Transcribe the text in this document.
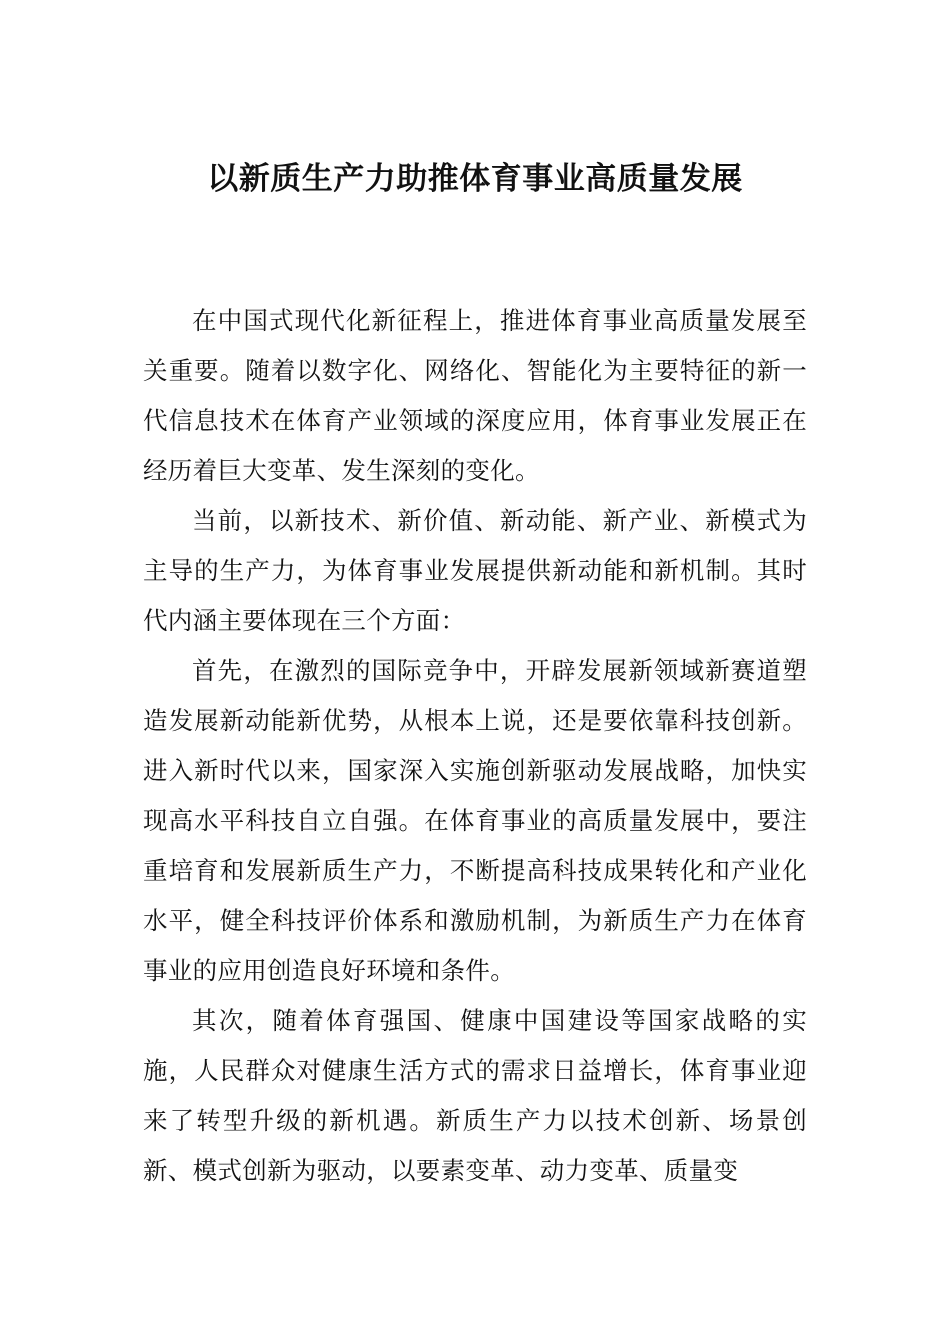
以新质生产力助推体育事业高质量发展

在中国式现代化新征程上，推进体育事业高质量发展至关重要。随着以数字化、网络化、智能化为主要特征的新一代信息技术在体育产业领域的深度应用，体育事业发展正在经历着巨大变革、发生深刻的变化。

当前，以新技术、新价值、新动能、新产业、新模式为主导的生产力，为体育事业发展提供新动能和新机制。其时代内涵主要体现在三个方面：

首先，在激烈的国际竞争中，开辟发展新领域新赛道塑造发展新动能新优势，从根本上说，还是要依靠科技创新。进入新时代以来，国家深入实施创新驱动发展战略，加快实现高水平科技自立自强。在体育事业的高质量发展中，要注重培育和发展新质生产力，不断提高科技成果转化和产业化水平，健全科技评价体系和激励机制，为新质生产力在体育事业的应用创造良好环境和条件。

其次，随着体育强国、健康中国建设等国家战略的实施，人民群众对健康生活方式的需求日益增长，体育事业迎来了转型升级的新机遇。新质生产力以技术创新、场景创新、模式创新为驱动，以要素变革、动力变革、质量变
